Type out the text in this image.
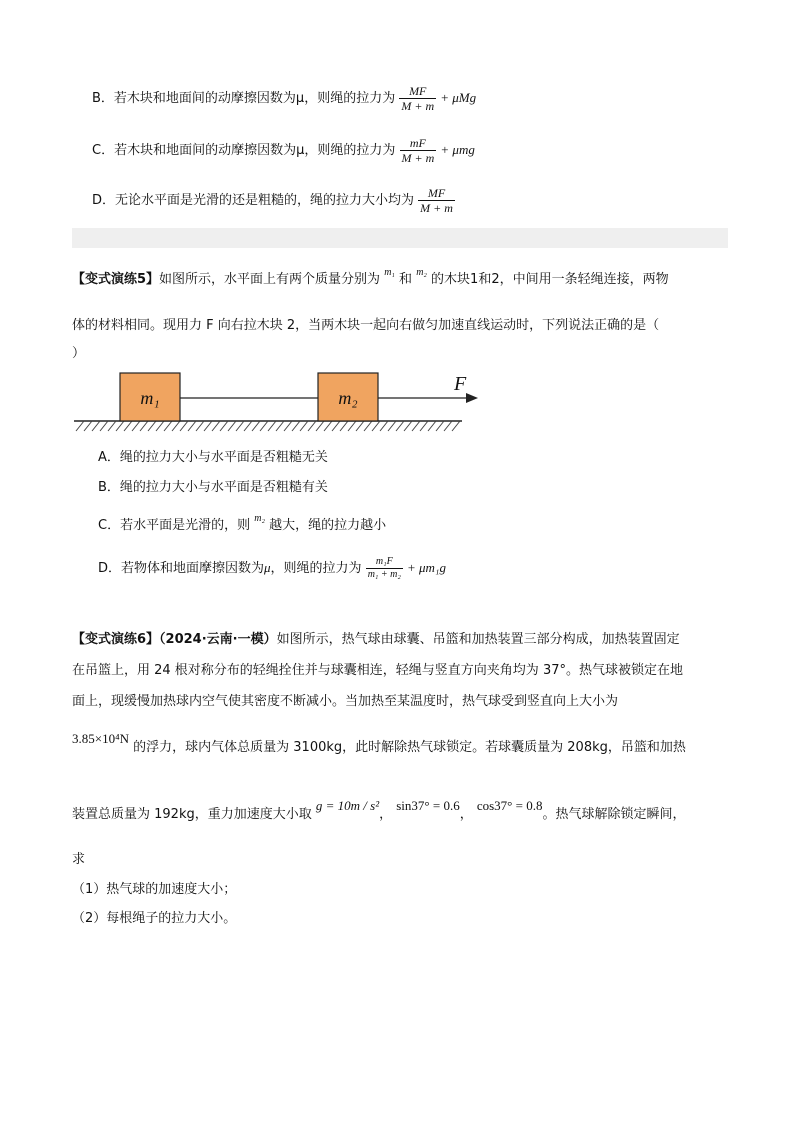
B．若木块和地面间的动摩擦因数为μ，则绳的拉力为 $\frac{MF}{M + m} + \mu Mg$
C．若木块和地面间的动摩擦因数为μ，则绳的拉力为 $\frac{mF}{M + m} + \mu mg$
D．无论水平面是光滑的还是粗糙的，绳的拉力大小均为 $\frac{MF}{M + m}$
【变式演练5】如图所示，水平面上有两个质量分别为 $^{m_1}$ 和 $^{m_2}$ 的木块1和2，中间用一条轻绳连接，两物
体的材料相同。现用力 F 向右拉木块 2，当两木块一起向右做匀加速直线运动时，下列说法正确的是（
）
m₁	m₂
F
A．绳的拉力大小与水平面是否粗糙无关
B．绳的拉力大小与水平面是否粗糙有关
C．若水平面是光滑的，则 $^{m_2}$ 越大，绳的拉力越小
D．若物体和地面摩擦因数为μ，则绳的拉力为 $\frac{\text{m₁F}}{\text{m₁ + m₂}} + \mu m_1g$
【变式演练6】（2024·云南·一模）如图所示，热气球由球囊、吊篮和加热装置三部分构成，加热装置固定
在吊篮上，用 24 根对称分布的轻绳拴住并与球囊相连，轻绳与竖直方向夹角均为 37°。热气球被锁定在地
面上，现缓慢加热球内空气使其密度不断减小。当加热至某温度时，热气球受到竖直向上大小为
3.85×10⁴N 的浮力，球内气体总质量为 3100kg，此时解除热气球锁定。若球囊质量为 208kg，吊篮和加热
装置总质量为 192kg，重力加速度大小取 g = 10m / s²， sin37° = 0.6， cos37° = 0.8。热气球解除锁定瞬间，
求
（1）热气球的加速度大小；
（2）每根绳子的拉力大小。
